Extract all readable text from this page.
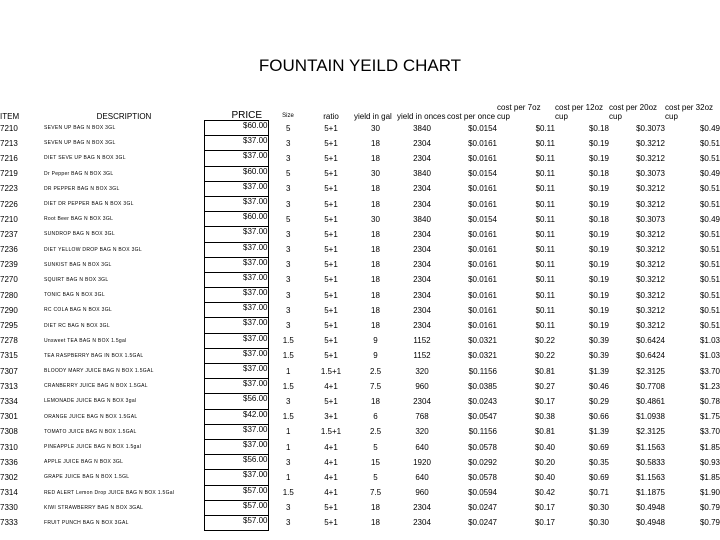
FOUNTAIN YEILD CHART
ITEM	DESCRIPTION	PRICE	Size	ratio	yield in gal	yield in onces	cost per once	cost per 7oz cup	cost per 12oz cup	cost per 20oz cup	cost per 32oz cup
7210	SEVEN UP BAG N BOX 3GL	$60.00	5	5+1	30	3840	$0.0154	$0.11	$0.18	$0.3073	$0.49
7213	SEVEN UP BAG N BOX 3GL	$37.00	3	5+1	18	2304	$0.0161	$0.11	$0.19	$0.3212	$0.51
7216	DIET SEVE UP BAG N BOX 3GL	$37.00	3	5+1	18	2304	$0.0161	$0.11	$0.19	$0.3212	$0.51
7219	Dr Pepper BAG N BOX 3GL	$60.00	5	5+1	30	3840	$0.0154	$0.11	$0.18	$0.3073	$0.49
7223	DR PEPPER BAG N BOX 3GL	$37.00	3	5+1	18	2304	$0.0161	$0.11	$0.19	$0.3212	$0.51
7226	DIET DR PEPPER BAG N BOX 3GL	$37.00	3	5+1	18	2304	$0.0161	$0.11	$0.19	$0.3212	$0.51
7210	Root Beer BAG N BOX 3GL	$60.00	5	5+1	30	3840	$0.0154	$0.11	$0.18	$0.3073	$0.49
7237	SUNDROP BAG N BOX 3GL	$37.00	3	5+1	18	2304	$0.0161	$0.11	$0.19	$0.3212	$0.51
7236	DIET YELLOW DROP BAG N BOX 3GL	$37.00	3	5+1	18	2304	$0.0161	$0.11	$0.19	$0.3212	$0.51
7239	SUNKIST BAG N BOX 3GL	$37.00	3	5+1	18	2304	$0.0161	$0.11	$0.19	$0.3212	$0.51
7270	SQUIRT BAG N BOX 3GL	$37.00	3	5+1	18	2304	$0.0161	$0.11	$0.19	$0.3212	$0.51
7280	TONIC BAG N BOX 3GL	$37.00	3	5+1	18	2304	$0.0161	$0.11	$0.19	$0.3212	$0.51
7290	RC COLA BAG N BOX 3GL	$37.00	3	5+1	18	2304	$0.0161	$0.11	$0.19	$0.3212	$0.51
7295	DIET RC BAG N BOX 3GL	$37.00	3	5+1	18	2304	$0.0161	$0.11	$0.19	$0.3212	$0.51
7278	Unsweet TEA BAG N BOX 1.5gal	$37.00	1.5	5+1	9	1152	$0.0321	$0.22	$0.39	$0.6424	$1.03
7315	TEA RASPBERRY BAG IN BOX 1.5GAL	$37.00	1.5	5+1	9	1152	$0.0321	$0.22	$0.39	$0.6424	$1.03
7307	BLOODY MARY JUICE BAG N BOX 1.5GAL	$37.00	1	1.5+1	2.5	320	$0.1156	$0.81	$1.39	$2.3125	$3.70
7313	CRANBERRY JUICE BAG N BOX 1.5GAL	$37.00	1.5	4+1	7.5	960	$0.0385	$0.27	$0.46	$0.7708	$1.23
7334	LEMONADE JUICE BAG N BOX 3gal	$56.00	3	5+1	18	2304	$0.0243	$0.17	$0.29	$0.4861	$0.78
7301	ORANGE JUICE BAG N BOX 1.5GAL	$42.00	1.5	3+1	6	768	$0.0547	$0.38	$0.66	$1.0938	$1.75
7308	TOMATO JUICE BAG N BOX 1.5GAL	$37.00	1	1.5+1	2.5	320	$0.1156	$0.81	$1.39	$2.3125	$3.70
7310	PINEAPPLE JUICE BAG N BOX 1.5gal	$37.00	1	4+1	5	640	$0.0578	$0.40	$0.69	$1.1563	$1.85
7336	APPLE JUICE BAG N BOX 3GL	$56.00	3	4+1	15	1920	$0.0292	$0.20	$0.35	$0.5833	$0.93
7302	GRAPE JUICE BAG N BOX 1.5GL	$37.00	1	4+1	5	640	$0.0578	$0.40	$0.69	$1.1563	$1.85
7314	RED ALERT Lemon Drop JUICE BAG N BOX 1.5Gal	$57.00	1.5	4+1	7.5	960	$0.0594	$0.42	$0.71	$1.1875	$1.90
7330	KIWI STRAWBERRY BAG N BOX 3GAL	$57.00	3	5+1	18	2304	$0.0247	$0.17	$0.30	$0.4948	$0.79
7333	FRUIT PUNCH BAG N BOX 3GAL	$57.00	3	5+1	18	2304	$0.0247	$0.17	$0.30	$0.4948	$0.79
